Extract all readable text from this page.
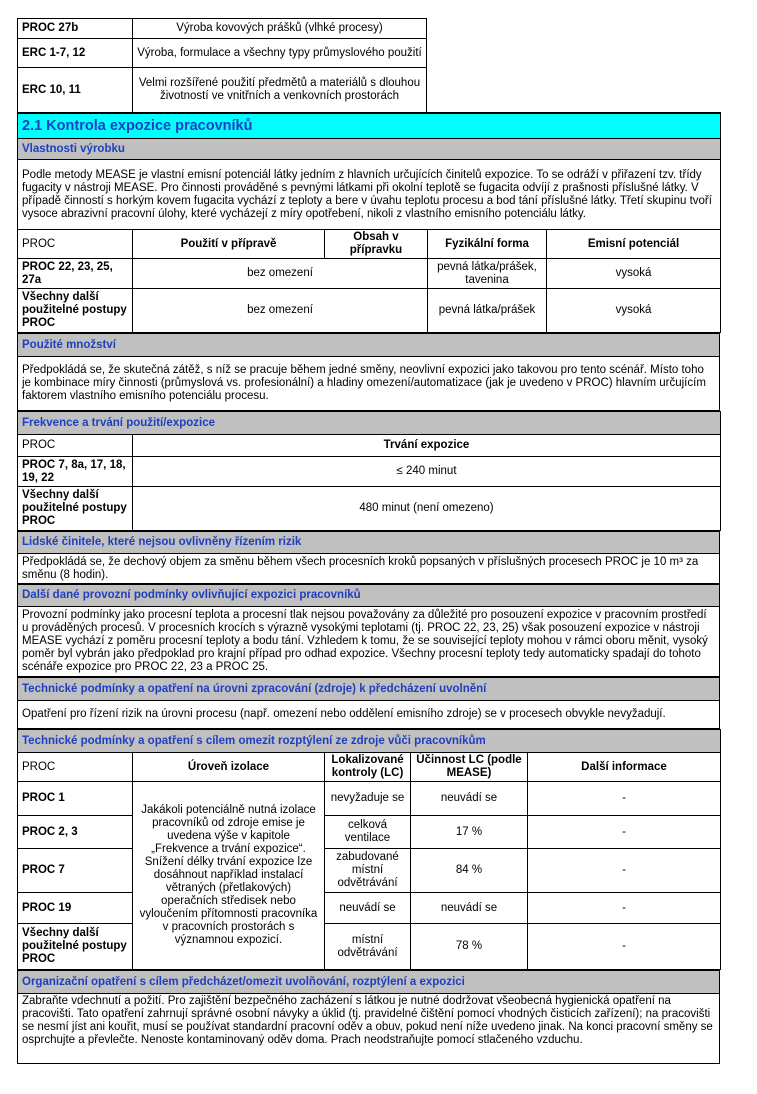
PROC 27b	Výroba kovových prášků (vlhké procesy)	
ERC 1-7, 12	Výroba, formulace a všechny typy průmyslového použití	
ERC 10, 11	Velmi rozšířené použití předmětů a materiálů s dlouhou životností ve vnitřních a venkovních prostorách	
2.1 Kontrola expozice pracovníků				
Vlastnosti výrobku				
Podle metody MEASE je vlastní emisní potenciál látky jedním z hlavních určujících činitelů expozice. To se odráží v přiřazení tzv. třídy fugacity v nástroji MEASE. Pro činnosti prováděné s pevnými látkami při okolní teplotě se fugacita odvíjí z prašnosti příslušné látky. V případě činností s horkým kovem fugacita vychází z teploty a bere v úvahu teplotu procesu a bod tání příslušné látky. Třetí skupinu tvoří vysoce abrazivní pracovní úlohy, které vycházejí z míry opotřebení, nikoli z vlastního emisního potenciálu látky.				
PROC	Použití v přípravě	Obsah v přípravku	Fyzikální forma	Emisní potenciál
PROC 22, 23, 25, 27a	bez omezení		pevná látka/prášek, tavenina	vysoká
Všechny další použitelné postupy PROC	bez omezení		pevná látka/prášek	vysoká
Použité množství
Předpokládá se, že skutečná zátěž, s níž se pracuje během jedné směny, neovlivní expozici jako takovou pro tento scénář. Místo toho je kombinace míry činnosti (průmyslová vs. profesionální) a hladiny omezení/automatizace (jak je uvedeno v PROC) hlavním určujícím faktorem vlastního emisního potenciálu procesu.
Frekvence a trvání použití/expozice	
PROC	Trvání expozice
PROC 7, 8a, 17, 18, 19, 22	≤ 240 minut
Všechny další použitelné postupy PROC	480 minut (není omezeno)
Lidské činitele, které nejsou ovlivněny řízením rizik
Předpokládá se, že dechový objem za směnu během všech procesních kroků popsaných v příslušných procesech PROC je 10 m³ za směnu (8 hodin).
Další dané provozní podmínky ovlivňující expozici pracovníků
Provozní podmínky jako procesní teplota a procesní tlak nejsou považovány za důležité pro posouzení expozice v pracovním prostředí u prováděných procesů. V procesních krocích s výrazně vysokými teplotami (tj. PROC 22, 23, 25) však posouzení expozice v nástroji MEASE vychází z poměru procesní teploty a bodu tání. Vzhledem k tomu, že se související teploty mohou v rámci oboru měnit, vysoký poměr byl vybrán jako předpoklad pro krajní případ pro odhad expozice. Všechny procesní teploty tedy automaticky spadají do tohoto scénáře expozice pro PROC 22, 23 a PROC 25.
Technické podmínky a opatření na úrovni zpracování (zdroje) k předcházení uvolnění
Opatření pro řízení rizik na úrovni procesu (např. omezení nebo oddělení emisního zdroje) se v procesech obvykle nevyžadují.
Technické podmínky a opatření s cílem omezit rozptýlení ze zdroje vůči pracovníkům				
PROC	Úroveň izolace	Lokalizované kontroly (LC)	Účinnost LC (podle MEASE)	Další informace
PROC 1	Jakákoli potenciálně nutná izolace pracovníků od zdroje emise je uvedena výše v kapitole „Frekvence a trvání expozice“. Snížení délky trvání expozice lze dosáhnout například instalací větraných (přetlakových) operačních středisek nebo vyloučením přítomnosti pracovníka v pracovních prostorách s významnou expozicí.	nevyžaduje se	neuvádí se	-
PROC 2, 3		celková ventilace	17 %	-
PROC 7		zabudované místní odvětrávání	84 %	-
PROC 19		neuvádí se	neuvádí se	-
Všechny další použitelné postupy PROC		místní odvětrávání	78 %	-
Organizační opatření s cílem předcházet/omezit uvolňování, rozptýlení a expozici
Zabraňte vdechnutí a požití. Pro zajištění bezpečného zacházení s látkou je nutné dodržovat všeobecná hygienická opatření na pracovišti. Tato opatření zahrnují správné osobní návyky a úklid (tj. pravidelné čištění pomocí vhodných čisticích zařízení); na pracovišti se nesmí jíst ani kouřit, musí se používat standardní pracovní oděv a obuv, pokud není níže uvedeno jinak. Na konci pracovní směny se osprchujte a převlečte. Nenoste kontaminovaný oděv doma. Prach neodstraňujte pomocí stlačeného vzduchu.
